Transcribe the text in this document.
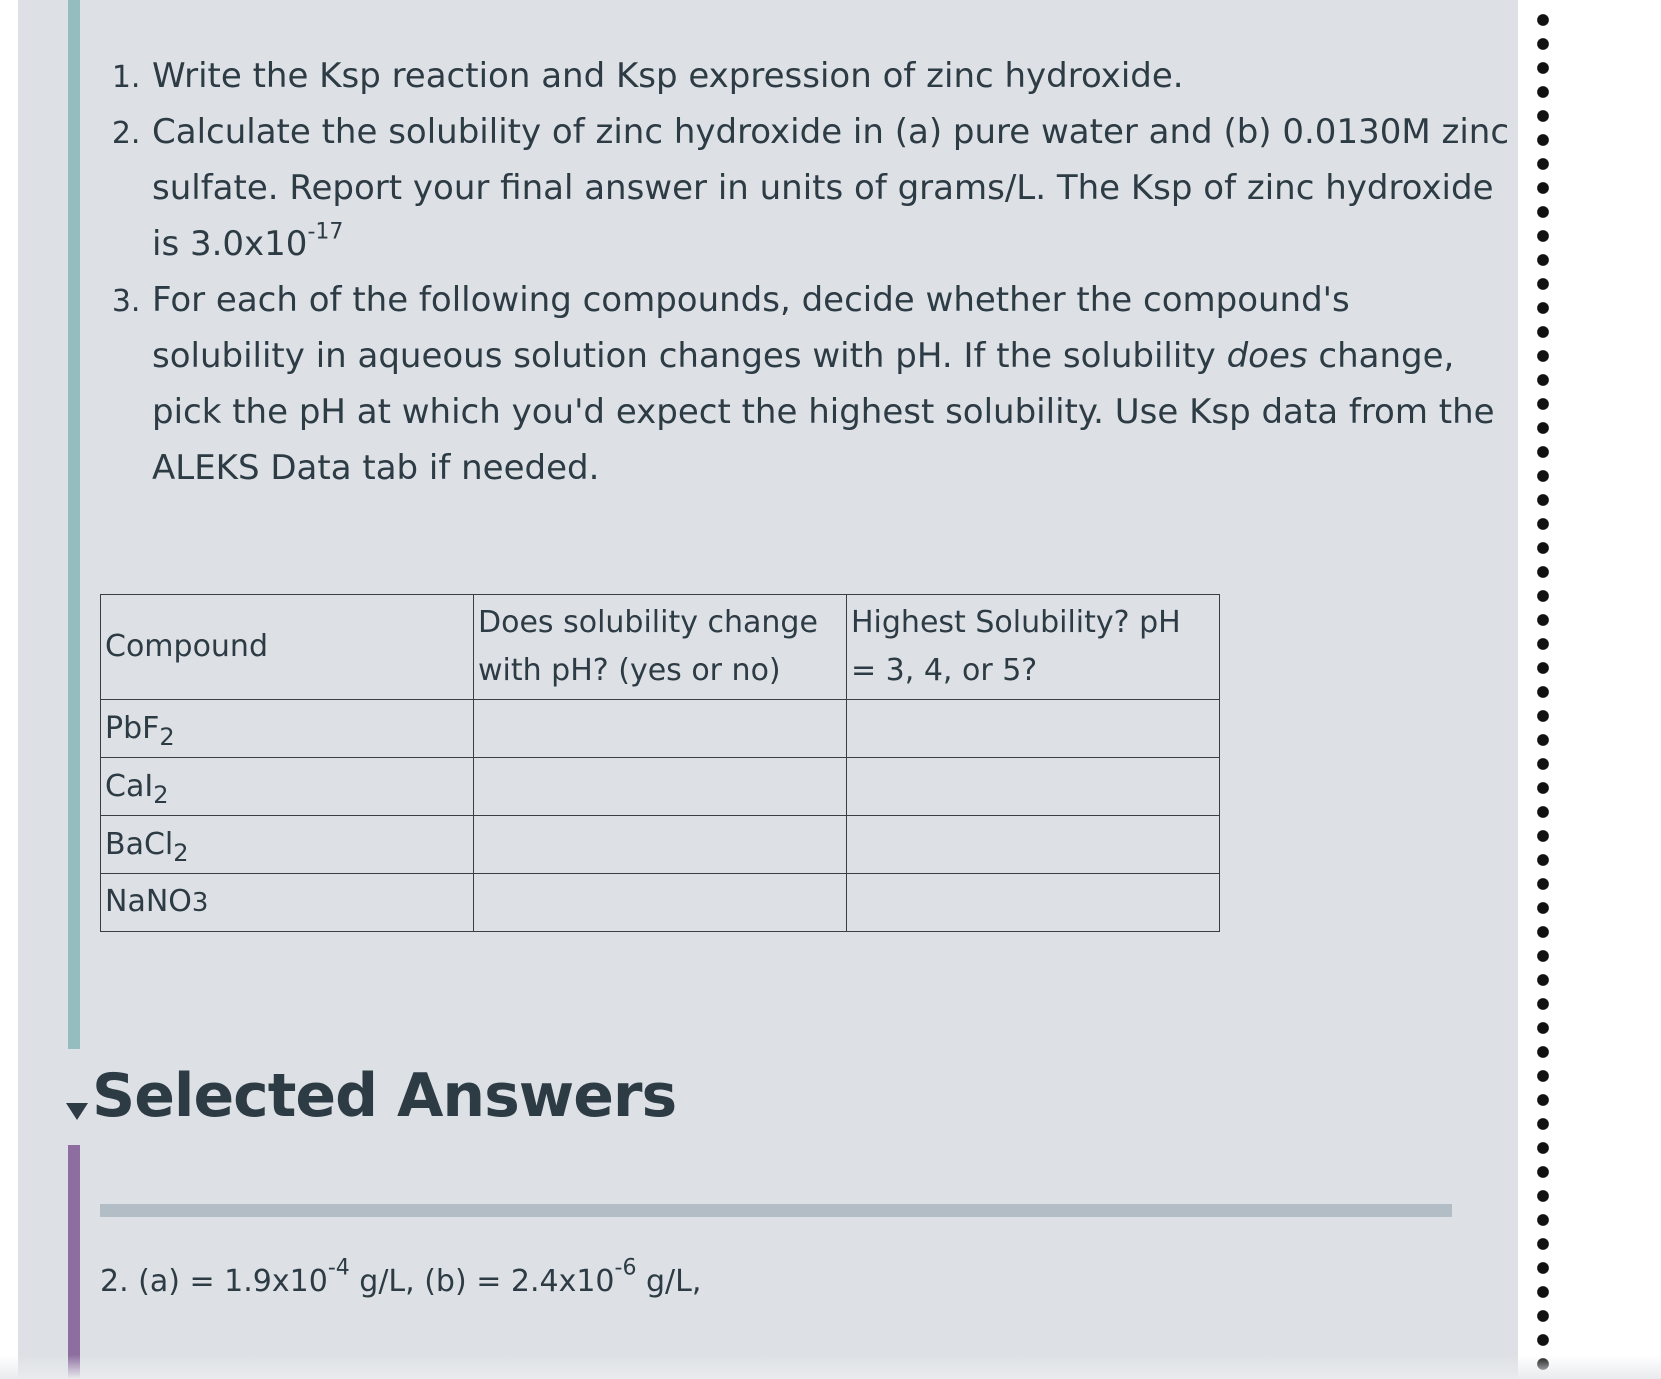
1. Write the Ksp reaction and Ksp expression of zinc hydroxide.
2. Calculate the solubility of zinc hydroxide in (a) pure water and (b) 0.0130M zinc sulfate. Report your final answer in units of grams/L. The Ksp of zinc hydroxide is $3.0x10^{-17}$
3. For each of the following compounds, decide whether the compound's solubility in aqueous solution changes with pH. If the solubility does change, pick the pH at which you'd expect the highest solubility. Use Ksp data from the ALEKS Data tab if needed.
Compound	Does solubility change with pH? (yes or no)	Highest Solubility? pH = 3, 4, or 5?
PbF$_2$		
CaI$_2$		
BaCl$_2$		
NaNO3		
Selected Answers
2. $(a) = 1.9x10^{-4}$ g/L, $(b) = 2.4x10^{-6}$ g/L,
